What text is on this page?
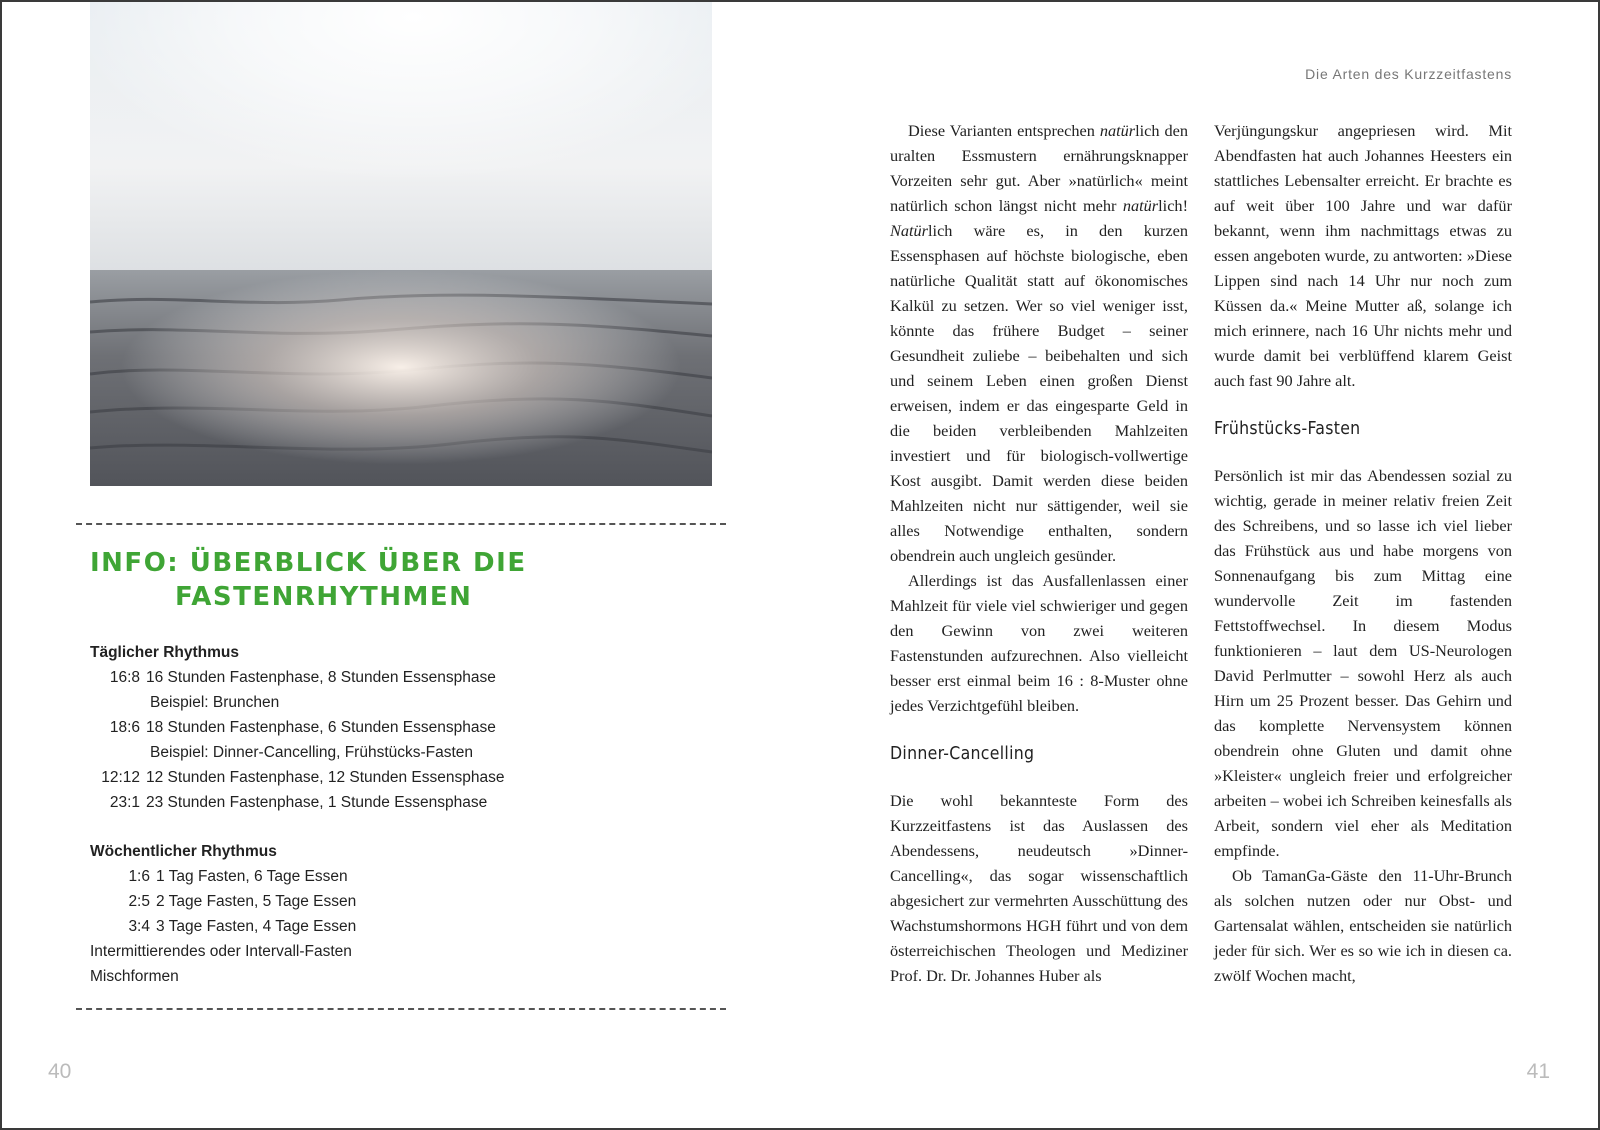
INFO: ÜBERBLICK ÜBER DIE
FASTENRHYTHMEN
Täglicher Rhythmus
16:8 16 Stunden Fastenphase, 8 Stunden Essensphase
Beispiel: Brunchen
18:6 18 Stunden Fastenphase, 6 Stunden Essensphase
Beispiel: Dinner-Cancelling, Frühstücks-Fasten
12:12 12 Stunden Fastenphase, 12 Stunden Essensphase
23:1 23 Stunden Fastenphase, 1 Stunde Essensphase
Wöchentlicher Rhythmus
1:6 1 Tag Fasten, 6 Tage Essen
2:5 2 Tage Fasten, 5 Tage Essen
3:4 3 Tage Fasten, 4 Tage Essen
Intermittierendes oder Intervall-Fasten
Mischformen
40
Die Arten des Kurzzeitfastens

Diese Varianten entsprechen natürlich den uralten Essmustern ernährungsknapper Vorzeiten sehr gut. Aber »natürlich« meint natürlich schon längst nicht mehr natürlich! Natürlich wäre es, in den kurzen Essensphasen auf höchste biologische, eben natürliche Qualität statt auf ökonomisches Kalkül zu setzen. Wer so viel weniger isst, könnte das frühere Budget – seiner Gesundheit zuliebe – beibehalten und sich und seinem Leben einen großen Dienst erweisen, indem er das eingesparte Geld in die beiden verbleibenden Mahlzeiten investiert und für biologisch-vollwertige Kost ausgibt. Damit werden diese beiden Mahlzeiten nicht nur sättigender, weil sie alles Notwendige enthalten, sondern obendrein auch ungleich gesünder.

Allerdings ist das Ausfallenlassen einer Mahlzeit für viele viel schwieriger und gegen den Gewinn von zwei weiteren Fastenstunden aufzurechnen. Also vielleicht besser erst einmal beim 16 : 8-Muster ohne jedes Verzichtgefühl bleiben.

Dinner-Cancelling

Die wohl bekannteste Form des Kurzzeitfastens ist das Auslassen des Abendessens, neudeutsch »Dinner-Cancelling«, das sogar wissenschaftlich abgesichert zur vermehrten Ausschüttung des Wachstumshormons HGH führt und von dem österreichischen Theologen und Mediziner Prof. Dr. Dr. Johannes Huber als

Verjüngungskur angepriesen wird. Mit Abendfasten hat auch Johannes Heesters ein stattliches Lebensalter erreicht. Er brachte es auf weit über 100 Jahre und war dafür bekannt, wenn ihm nachmittags etwas zu essen angeboten wurde, zu antworten: »Diese Lippen sind nach 14 Uhr nur noch zum Küssen da.« Meine Mutter aß, solange ich mich erinnere, nach 16 Uhr nichts mehr und wurde damit bei verblüffend klarem Geist auch fast 90 Jahre alt.

Frühstücks-Fasten

Persönlich ist mir das Abendessen sozial zu wichtig, gerade in meiner relativ freien Zeit des Schreibens, und so lasse ich viel lieber das Frühstück aus und habe morgens von Sonnenaufgang bis zum Mittag eine wundervolle Zeit im fastenden Fettstoffwechsel. In diesem Modus funktionieren – laut dem US-Neurologen David Perlmutter – sowohl Herz als auch Hirn um 25 Prozent besser. Das Gehirn und das komplette Nervensystem können obendrein ohne Gluten und damit ohne »Kleister« ungleich freier und erfolgreicher arbeiten – wobei ich Schreiben keinesfalls als Arbeit, sondern viel eher als Meditation empfinde.

Ob TamanGa-Gäste den 11-Uhr-Brunch als solchen nutzen oder nur Obst- und Gartensalat wählen, entscheiden sie natürlich jeder für sich. Wer es so wie ich in diesen ca. zwölf Wochen macht,

41
